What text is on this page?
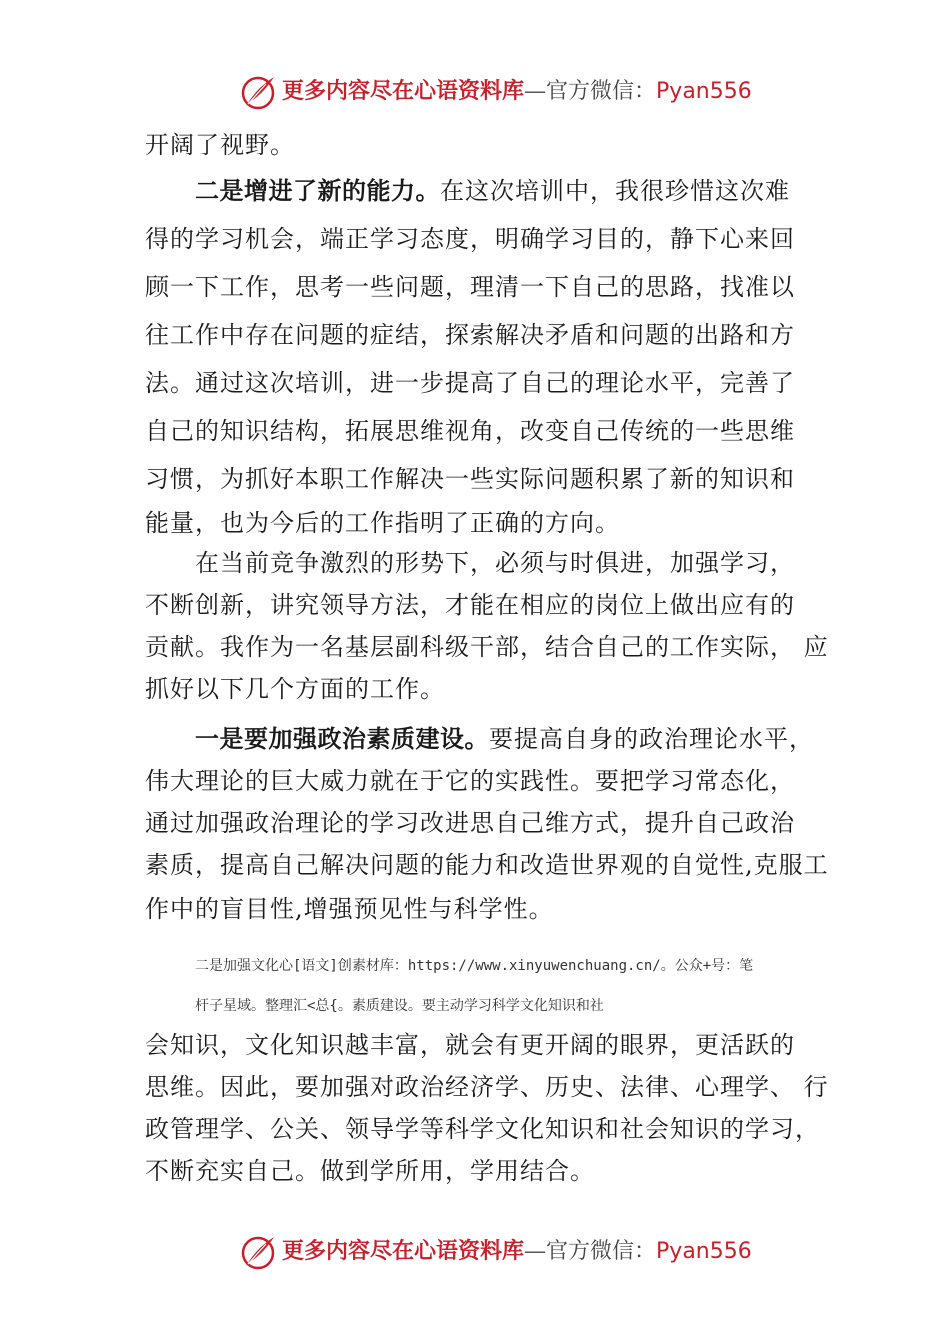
更多内容尽在心语资料库—官方微信：Pyan556
开阔了视野。
二是增进了新的能力。在这次培训中，我很珍惜这次难
得的学习机会，端正学习态度，明确学习目的，静下心来回
顾一下工作，思考一些问题，理清一下自己的思路，找准以
往工作中存在问题的症结，探索解决矛盾和问题的出路和方
法。通过这次培训，进一步提高了自己的理论水平，完善了
自己的知识结构，拓展思维视角，改变自己传统的一些思维
习惯，为抓好本职工作解决一些实际问题积累了新的知识和
能量，也为今后的工作指明了正确的方向。
在当前竞争激烈的形势下，必须与时俱进，加强学习，
不断创新，讲究领导方法，才能在相应的岗位上做出应有的
贡献。我作为一名基层副科级干部，结合自己的工作实际， 应
抓好以下几个方面的工作。
一是要加强政治素质建设。要提高自身的政治理论水平，
伟大理论的巨大威力就在于它的实践性。要把学习常态化，
通过加强政治理论的学习改进思自己维方式，提升自己政治
素质，提高自己解决问题的能力和改造世界观的自觉性,克服工
作中的盲目性,增强预见性与科学性。
二是加强文化心[语文]创素材库：https://www.xinyuwenchuang.cn/。公众+号：笔
杆子星域。整理汇<总{。素质建设。要主动学习科学文化知识和社
会知识，文化知识越丰富，就会有更开阔的眼界，更活跃的
思维。因此，要加强对政治经济学、历史、法律、心理学、 行
政管理学、公关、领导学等科学文化知识和社会知识的学习，
不断充实自己。做到学所用，学用结合。
更多内容尽在心语资料库—官方微信：Pyan556
